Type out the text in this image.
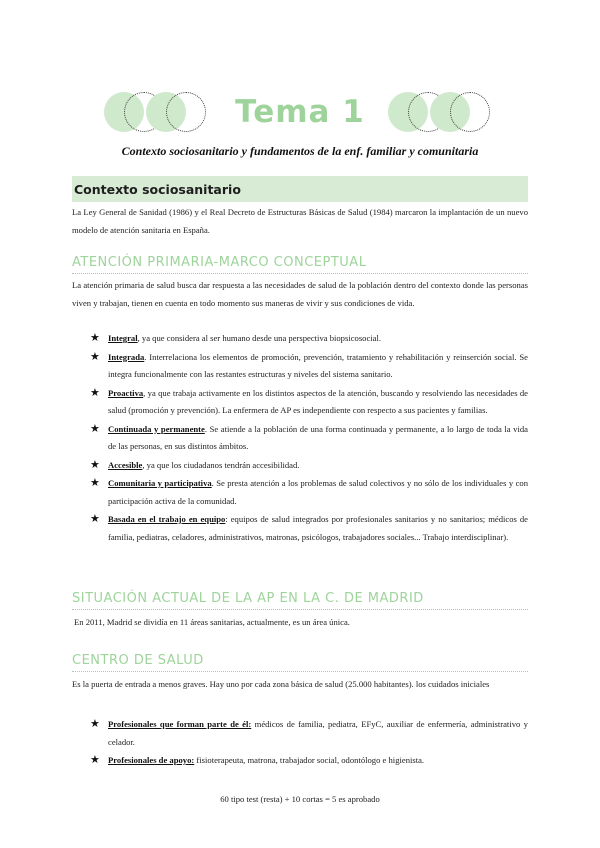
Tema 1
Contexto sociosanitario y fundamentos de la enf. familiar y comunitaria
Contexto sociosanitario
La Ley General de Sanidad (1986) y el Real Decreto de Estructuras Básicas de Salud (1984) marcaron la implantación de un nuevo modelo de atención sanitaria en España.
ATENCIÓN PRIMARIA-MARCO CONCEPTUAL
La atención primaria de salud busca dar respuesta a las necesidades de salud de la población dentro del contexto donde las personas viven y trabajan, tienen en cuenta en todo momento sus maneras de vivir y sus condiciones de vida.
★ Integral, ya que considera al ser humano desde una perspectiva biopsicosocial.
★ Integrada. Interrelaciona los elementos de promoción, prevención, tratamiento y rehabilitación y reinserción social. Se integra funcionalmente con las restantes estructuras y niveles del sistema sanitario.
★ Proactiva, ya que trabaja activamente en los distintos aspectos de la atención, buscando y resolviendo las necesidades de salud (promoción y prevención). La enfermera de AP es independiente con respecto a sus pacientes y familias.
★ Continuada y permanente. Se atiende a la población de una forma continuada y permanente, a lo largo de toda la vida de las personas, en sus distintos ámbitos.
★ Accesible, ya que los ciudadanos tendrán accesibilidad.
★ Comunitaria y participativa. Se presta atención a los problemas de salud colectivos y no sólo de los individuales y con participación activa de la comunidad.
★ Basada en el trabajo en equipo: equipos de salud integrados por profesionales sanitarios y no sanitarios; médicos de familia, pediatras, celadores, administrativos, matronas, psicólogos, trabajadores sociales... Trabajo interdisciplinar).
SITUACIÓN ACTUAL DE LA AP EN LA C. DE MADRID
En 2011, Madrid se dividía en 11 áreas sanitarias, actualmente, es un área única.
CENTRO DE SALUD
Es la puerta de entrada a menos graves. Hay uno por cada zona básica de salud (25.000 habitantes). los cuidados iniciales
★ Profesionales que forman parte de él: médicos de familia, pediatra, EFyC, auxiliar de enfermería, administrativo y celador.
★ Profesionales de apoyo: fisioterapeuta, matrona, trabajador social, odontólogo e higienista.
60 tipo test (resta) + 10 cortas = 5 es aprobado
